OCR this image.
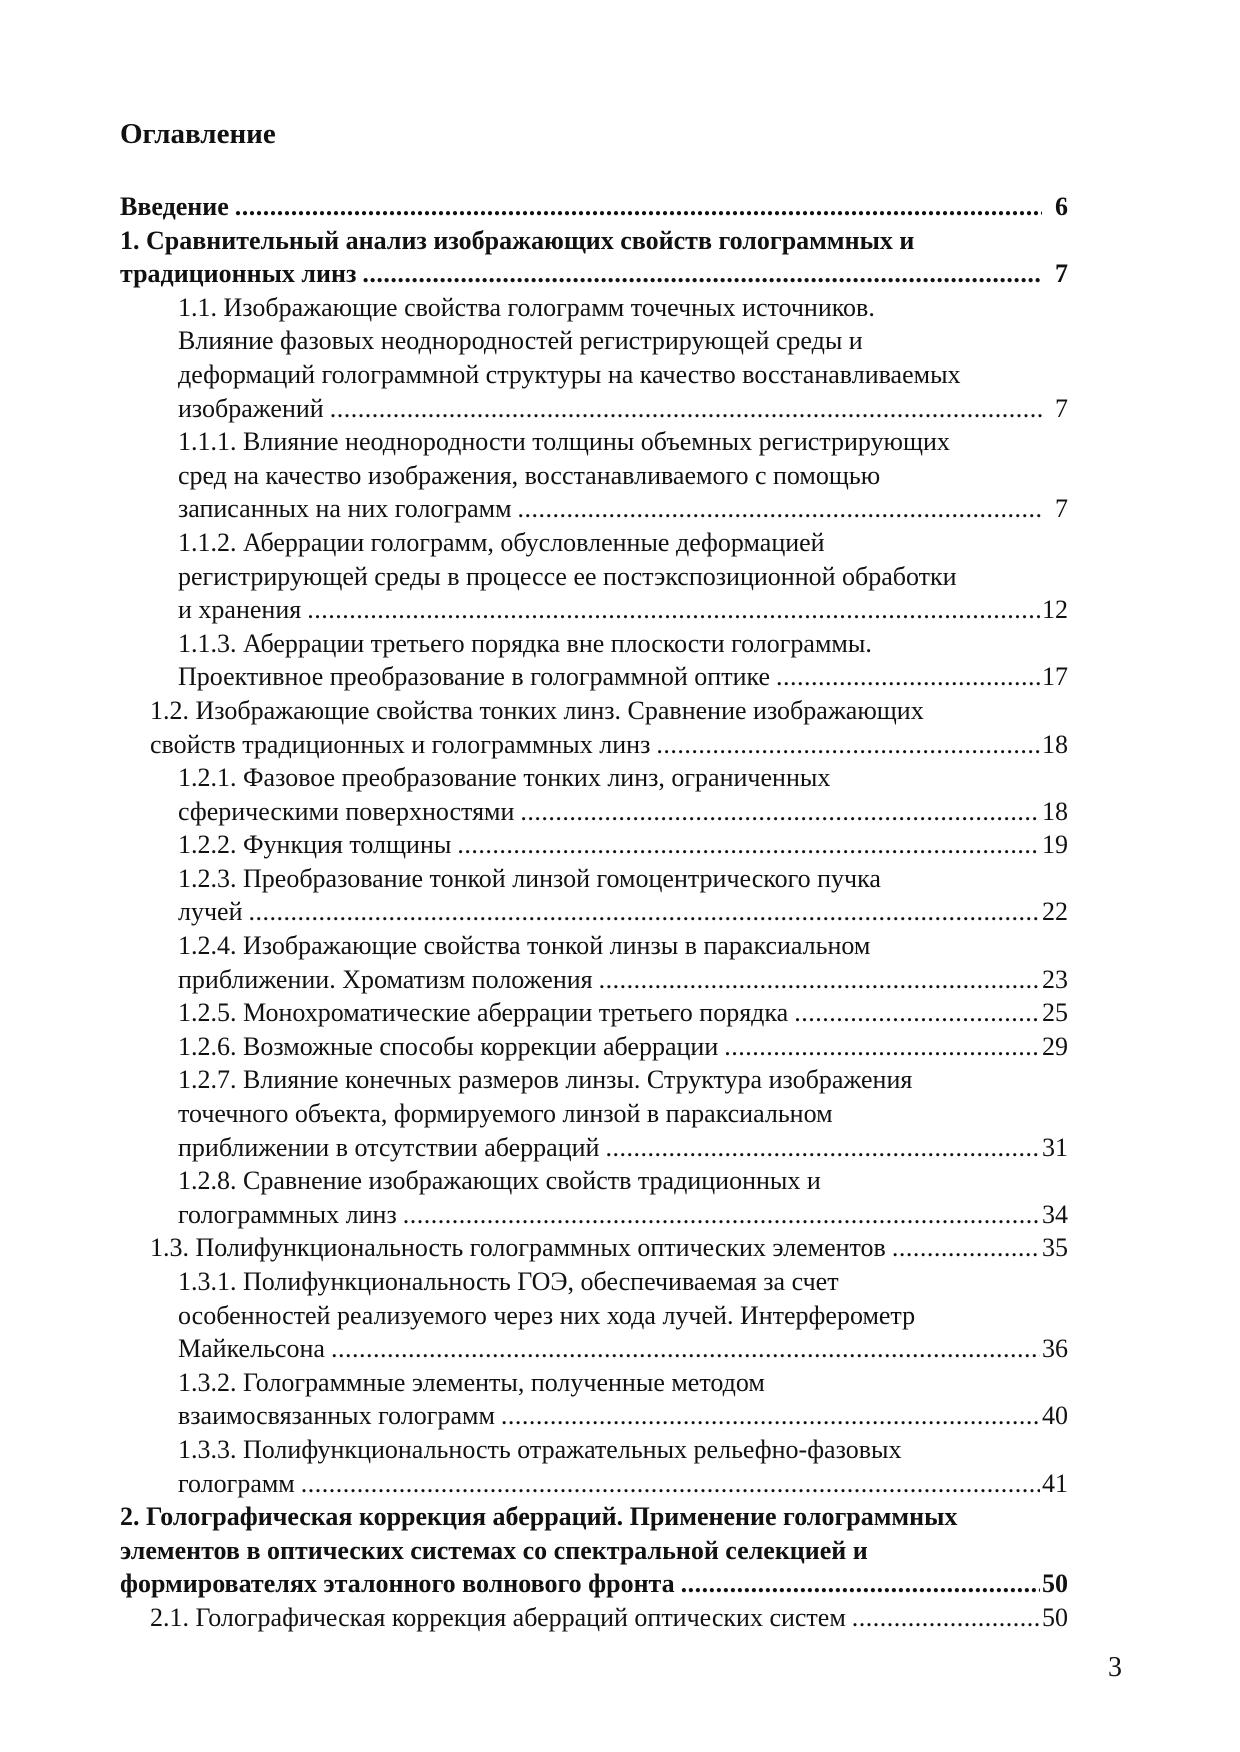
Оглавление
Введение .....	6
1. Сравнительный анализ изображающих свойств голограммных и
традиционных линз .....	7
1.1. Изображающие свойства голограмм точечных источников.
Влияние фазовых неоднородностей регистрирующей среды и
деформаций голограммной структуры на качество восстанавливаемых
изображений .....	7
1.1.1. Влияние неоднородности толщины объемных регистрирующих
сред на качество изображения, восстанавливаемого с помощью
записанных на них голограмм .....	7
1.1.2. Аберрации голограмм, обусловленные деформацией
регистрирующей среды в процессе ее постэкспозиционной обработки
и хранения .....	12
1.1.3. Аберрации третьего порядка вне плоскости голограммы.
Проективное преобразование в голограммной оптике .....	17
1.2. Изображающие свойства тонких линз. Сравнение изображающих
свойств традиционных и голограммных линз .....	18
1.2.1. Фазовое преобразование тонких линз, ограниченных
сферическими поверхностями .....	18
1.2.2. Функция толщины .....	19
1.2.3. Преобразование тонкой линзой гомоцентрического пучка
лучей .....	22
1.2.4. Изображающие свойства тонкой линзы в параксиальном
приближении. Хроматизм положения .....	23
1.2.5. Монохроматические аберрации третьего порядка .....	25
1.2.6. Возможные способы коррекции аберрации .....	29
1.2.7. Влияние конечных размеров линзы. Структура изображения
точечного объекта, формируемого линзой в параксиальном
приближении в отсутствии аберраций .....	31
1.2.8. Сравнение изображающих свойств традиционных и
голограммных линз .....	34
1.3. Полифункциональность голограммных оптических элементов .....	35
1.3.1. Полифункциональность ГОЭ, обеспечиваемая за счет
особенностей реализуемого через них хода лучей. Интерферометр
Майкельсона .....	36
1.3.2. Голограммные элементы, полученные методом
взаимосвязанных голограмм .....	40
1.3.3. Полифункциональность отражательных рельефно-фазовых
голограмм .....	41
2. Голографическая коррекция аберраций. Применение голограммных
элементов в оптических системах со спектральной селекцией и
формирователях эталонного волнового фронта .....	50
2.1. Голографическая коррекция аберраций оптических систем .....	50
3
